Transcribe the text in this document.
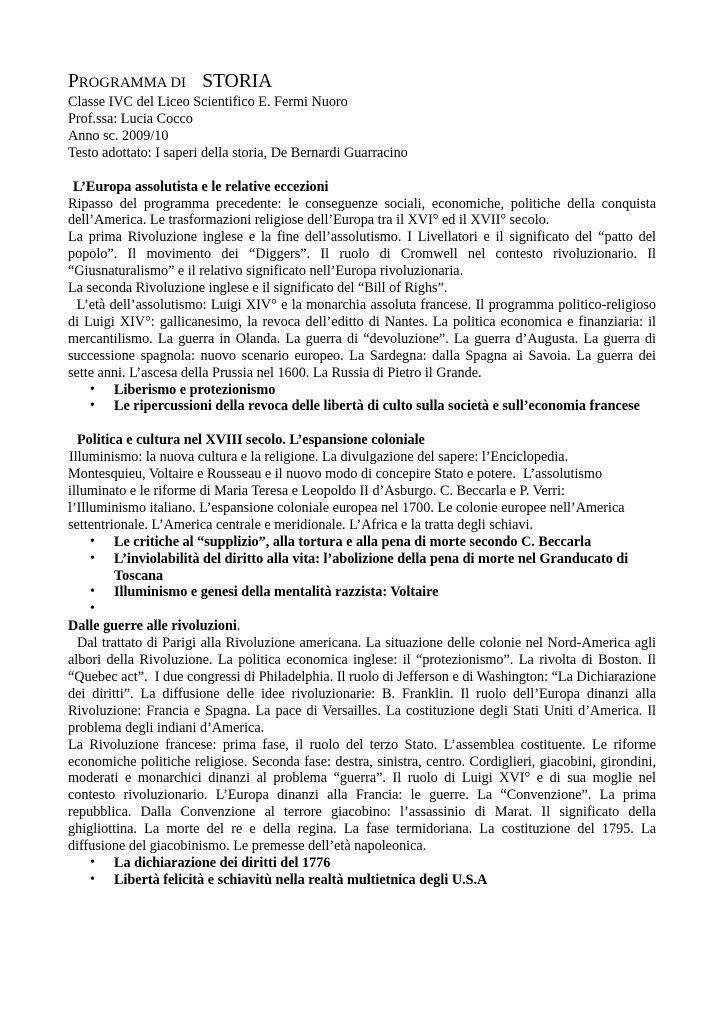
PROGRAMMA DI STORIA

Classe IVC del Liceo Scientifico E. Fermi Nuoro

Prof.ssa: Lucia Cocco

Anno sc. 2009/10

Testo adottato: I saperi della storia, De Bernardi Guarracino

L’Europa assolutista e le relative eccezioni

Ripasso del programma precedente: le conseguenze sociali, economiche, politiche della conquista dell’America. Le trasformazioni religiose dell’Europa tra il XVI° ed il XVII° secolo.

La prima Rivoluzione inglese e la fine dell’assolutismo. I Livellatori e il significato del “patto del popolo”. Il movimento dei “Diggers”. Il ruolo di Cromwell nel contesto rivoluzionario. Il “Giusnaturalismo” e il relativo significato nell’Europa rivoluzionaria.

La seconda Rivoluzione inglese e il significato del “Bill of Righs”.

L’età dell’assolutismo: Luigi XIV° e la monarchia assoluta francese. Il programma politico-religioso di Luigi XIV°: gallicanesimo, la revoca dell’editto di Nantes. La politica economica e finanziaria: il mercantilismo. La guerra in Olanda. La guerra di “devoluzione”. La guerra d’Augusta. La guerra di successione spagnola: nuovo scenario europeo. La Sardegna: dalla Spagna ai Savoia. La guerra dei sette anni. L’ascesa della Prussia nel 1600. La Russia di Pietro il Grande.

• Liberismo e protezionismo
• Le ripercussioni della revoca delle libertà di culto sulla società e sull’economia francese

Politica e cultura nel XVIII secolo. L’espansione coloniale

Illuminismo: la nuova cultura e la religione. La divulgazione del sapere: l’Enciclopedia.

Montesquieu, Voltaire e Rousseau e il nuovo modo di concepire Stato e potere.  L’assolutismo

illuminato e le riforme di Maria Teresa e Leopoldo II d’Asburgo. C. Beccarla e P. Verri:

l’Illuminismo italiano. L’espansione coloniale europea nel 1700. Le colonie europee nell’America

settentrionale. L’America centrale e meridionale. L’Africa e la tratta degli schiavi.

• Le critiche al “supplizio”, alla tortura e alla pena di morte secondo C. Beccarla
• L’inviolabilità del diritto alla vita: l’abolizione della pena di morte nel Granducato di Toscana
• Illuminismo e genesi della mentalità razzista: Voltaire
•

Dalle guerre alle rivoluzioni.

Dal trattato di Parigi alla Rivoluzione americana. La situazione delle colonie nel Nord-America agli albori della Rivoluzione. La politica economica inglese: il “protezionismo”. La rivolta di Boston. Il “Quebec act”.  I due congressi di Philadelphia. Il ruolo di Jefferson e di Washington: “La Dichiarazione dei diritti”. La diffusione delle idee rivoluzionarie: B. Franklin. Il ruolo dell’Europa dinanzi alla Rivoluzione: Francia e Spagna. La pace di Versailles. La costituzione degli Stati Uniti d’America. Il problema degli indiani d’America.

La Rivoluzione francese: prima fase, il ruolo del terzo Stato. L’assemblea costituente. Le riforme economiche politiche religiose. Seconda fase: destra, sinistra, centro. Cordiglieri, giacobini, girondini, moderati e monarchici dinanzi al problema “guerra”. Il ruolo di Luigi XVI° e di sua moglie nel contesto rivoluzionario. L’Europa dinanzi alla Francia: le guerre. La “Convenzione”. La prima repubblica. Dalla Convenzione al terrore giacobino: l’assassinio di Marat. Il significato della ghigliottina. La morte del re e della regina. La fase termidoriana. La costituzione del 1795. La diffusione del giacobinismo. Le premesse dell’età napoleonica.

• La dichiarazione dei diritti del 1776
• Libertà felicità e schiavitù nella realtà multietnica degli U.S.A
